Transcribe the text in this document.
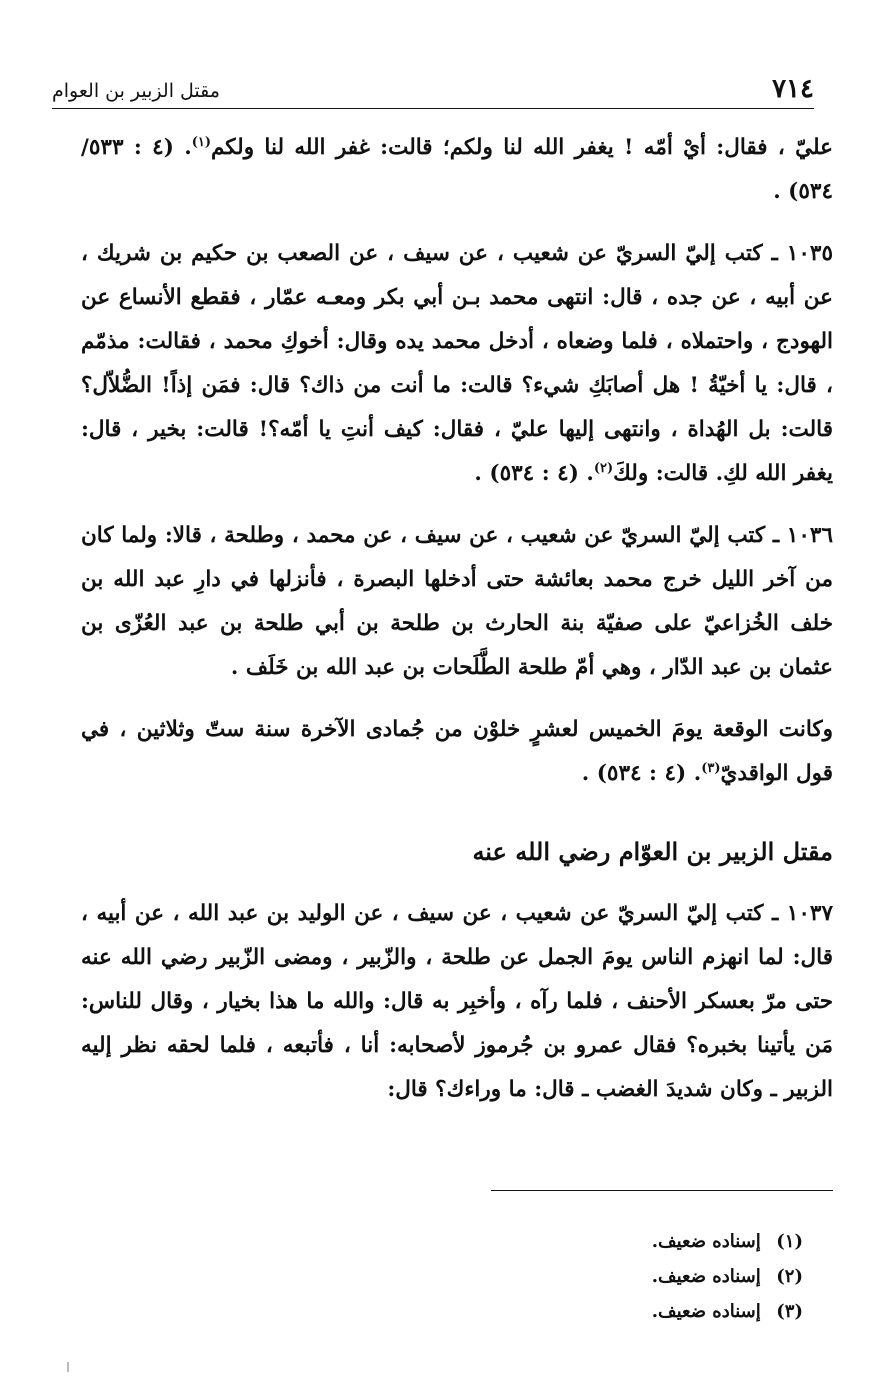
٧١٤
مقتل الزبير بن العوام

عليّ ، فقال: أيْ أمّه ! يغفر الله لنا ولكم؛ قالت: غفر الله لنا ولكم$^{(١)}$. (٤ : ٥٣٣/ ٥٣٤) .

١٠٣٥ ـ كتب إليّ السريّ عن شعيب ، عن سيف ، عن الصعب بن حكيم بن شريك ، عن أبيه ، عن جده ، قال: انتهى محمد بـن أبي بكر ومعـه عمّار ، فقطع الأنساع عن الهودج ، واحتملاه ، فلما وضعاه ، أدخل محمد يده وقال: أخوكِ محمد ، فقالت: مذمّم ، قال: يا أخيّةُ ! هل أصابَكِ شيء؟ قالت: ما أنت من ذاك؟ قال: فمَن إذاً! الضُّلاّل؟ قالت: بل الهُداة ، وانتهى إليها عليّ ، فقال: كيف أنتِ يا أمّه؟! قالت: بخير ، قال: يغفر الله لكِ. قالت: ولكَ$^{(٢)}$. (٤ : ٥٣٤) .

١٠٣٦ ـ كتب إليّ السريّ عن شعيب ، عن سيف ، عن محمد ، وطلحة ، قالا: ولما كان من آخر الليل خرج محمد بعائشة حتى أدخلها البصرة ، فأنزلها في دارِ عبد الله بن خلف الخُزاعيّ على صفيّة بنة الحارث بن طلحة بن أبي طلحة بن عبد العُزّى بن عثمان بن عبد الدّار ، وهي أمّ طلحة الطَّلَحات بن عبد الله بن خَلَف .

وكانت الوقعة يومَ الخميس لعشرٍ خلوْن من جُمادى الآخرة سنة ستّ وثلاثين ، في قول الواقديّ$^{(٣)}$. (٤ : ٥٣٤) .

مقتل الزبير بن العوّام رضي الله عنه

١٠٣٧ ـ كتب إليّ السريّ عن شعيب ، عن سيف ، عن الوليد بن عبد الله ، عن أبيه ، قال: لما انهزم الناس يومَ الجمل عن طلحة ، والزّبير ، ومضى الزّبير رضي الله عنه حتى مرّ بعسكر الأحنف ، فلما رآه ، وأخبِر به قال: والله ما هذا بخيار ، وقال للناس: مَن يأتينا بخبره؟ فقال عمرو بن جُرموز لأصحابه: أنا ، فأتبعه ، فلما لحقه نظر إليه الزبير ـ وكان شديدَ الغضب ـ قال: ما وراءك؟ قال:

(١) إسناده ضعيف.
(٢) إسناده ضعيف.
(٣) إسناده ضعيف.
